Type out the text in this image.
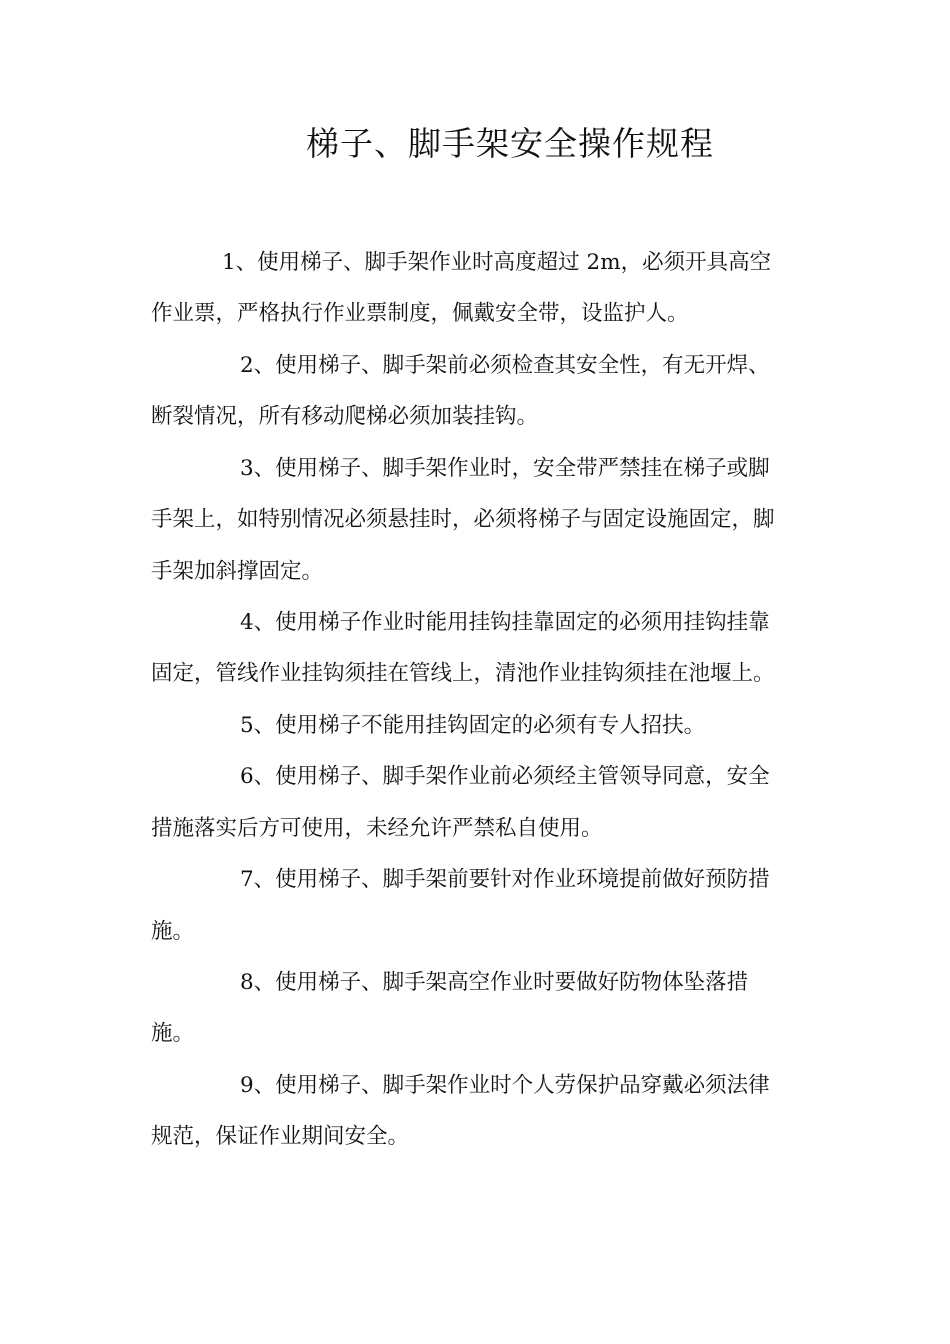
梯子、脚手架安全操作规程
1、使用梯子、脚手架作业时高度超过 2m，必须开具高空
作业票，严格执行作业票制度，佩戴安全带，设监护人。
2、使用梯子、脚手架前必须检查其安全性，有无开焊、
断裂情况，所有移动爬梯必须加装挂钩。
3、使用梯子、脚手架作业时，安全带严禁挂在梯子或脚
手架上，如特别情况必须悬挂时，必须将梯子与固定设施固定，脚
手架加斜撑固定。
4、使用梯子作业时能用挂钩挂靠固定的必须用挂钩挂靠
固定，管线作业挂钩须挂在管线上，清池作业挂钩须挂在池堰上。
5、使用梯子不能用挂钩固定的必须有专人招扶。
6、使用梯子、脚手架作业前必须经主管领导同意，安全
措施落实后方可使用，未经允许严禁私自使用。
7、使用梯子、脚手架前要针对作业环境提前做好预防措
施。
8、使用梯子、脚手架高空作业时要做好防物体坠落措
施。
9、使用梯子、脚手架作业时个人劳保护品穿戴必须法律
规范，保证作业期间安全。
